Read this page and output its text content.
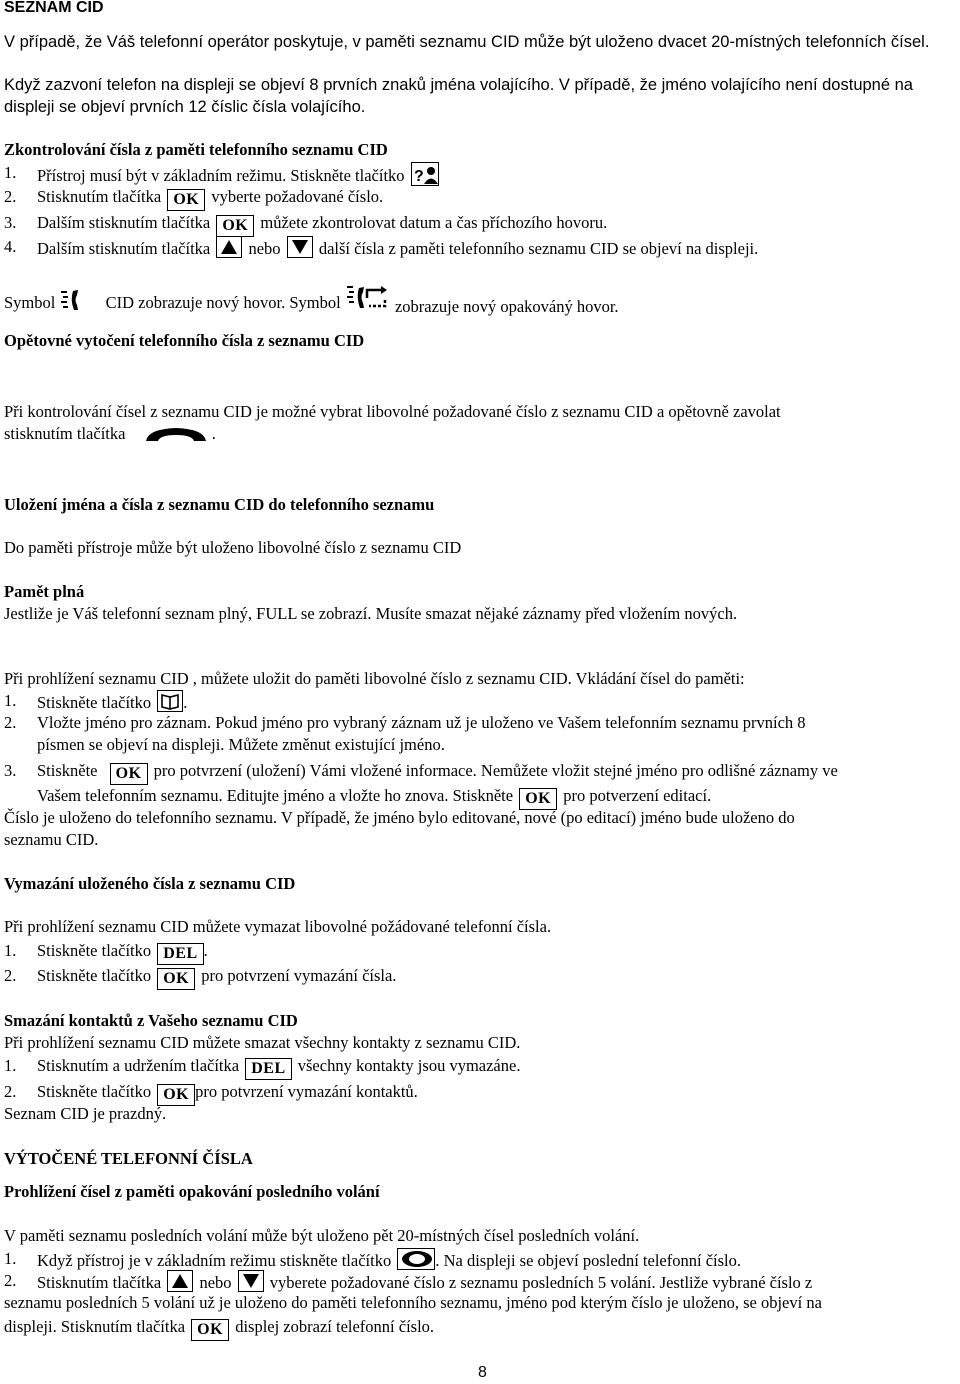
SEZNAM CID
V případě, že Váš telefonní operátor poskytuje, v paměti seznamu CID může být uloženo dvacet 20-místných telefonních čísel.
Když zazvoní telefon na displeji se objeví 8 prvních znaků jména volajícího. V případě, že jméno volajícího není dostupné na
displeji se objeví prvních 12 číslic čísla volajícího.
Zkontrolování čísla z paměti telefonního seznamu CID
1. Přístroj musí být v základním režimu. Stiskněte tlačítko ?
2. Stisknutím tlačítka OK vyberte požadované číslo.
3. Dalším stisknutím tlačítka OK můžete zkontrolovat datum a čas příchozího hovoru.
4. Dalším stisknutím tlačítka nebo další čísla z paměti telefonního seznamu CID se objeví na displeji.
Symbol	CID zobrazuje nový hovor. Symbol	zobrazuje nový opakováný hovor.
Opětovné vytočení telefonního čísla z seznamu CID
Při kontrolování čísel z seznamu CID je možné vybrat libovolné požadované číslo z seznamu CID a opětovně zavolat
stisknutím tlačítka	.
Uložení jména a čísla z seznamu CID do telefonního seznamu
Do paměti přístroje může být uloženo libovolné číslo z seznamu CID
Pamět plná
Jestliže je Váš telefonní seznam plný, FULL se zobrazí. Musíte smazat nějaké záznamy před vložením nových.
Při prohlížení seznamu CID , můžete uložit do paměti libovolné číslo z seznamu CID. Vkládání čísel do paměti:
1. Stiskněte tlačítko .
2. Vložte jméno pro záznam. Pokud jméno pro vybraný záznam už je uloženo ve Vašem telefonním seznamu prvních 8
písmen se objeví na displeji. Můžete změnut existující jméno.
3. Stiskněte OK pro potvrzení (uložení) Vámi vložené informace. Nemůžete vložit stejné jméno pro odlišné záznamy ve
Vašem telefonním seznamu. Editujte jméno a vložte ho znova. Stiskněte OK pro potverzení editací.
Číslo je uloženo do telefonního seznamu. V případě, že jméno bylo editované, nové (po editací) jméno bude uloženo do
seznamu CID.
Vymazání uloženého čísla z seznamu CID
Při prohlížení seznamu CID můžete vymazat libovolné požádované telefonní čísla.
1. Stiskněte tlačítko DEL .
2. Stiskněte tlačítko OK pro potvrzení vymazání čísla.
Smazání kontaktů z Vašeho seznamu CID
Při prohlížení seznamu CID můžete smazat všechny kontakty z seznamu CID.
1. Stisknutím a udržením tlačítka DEL všechny kontakty jsou vymazáne.
2. Stiskněte tlačítko OK pro potvrzení vymazání kontaktů.
Seznam CID je prazdný.
VÝTOČENÉ TELEFONNÍ ČÍSLA
Prohlížení čísel z paměti opakování posledního volání
V paměti seznamu posledních volání může být uloženo pět 20-místných čísel posledních volání.
1. Když přístroj je v základním režimu stiskněte tlačítko	. Na displeji se objeví poslední telefonní číslo.
2. Stisknutím tlačítka nebo vyberete požadované číslo z seznamu posledních 5 volání. Jestliže vybrané číslo z
seznamu posledních 5 volání už je uloženo do paměti telefonního seznamu, jméno pod kterým číslo je uloženo, se objeví na
displeji. Stisknutím tlačítka OK displej zobrazí telefonní číslo.
8
